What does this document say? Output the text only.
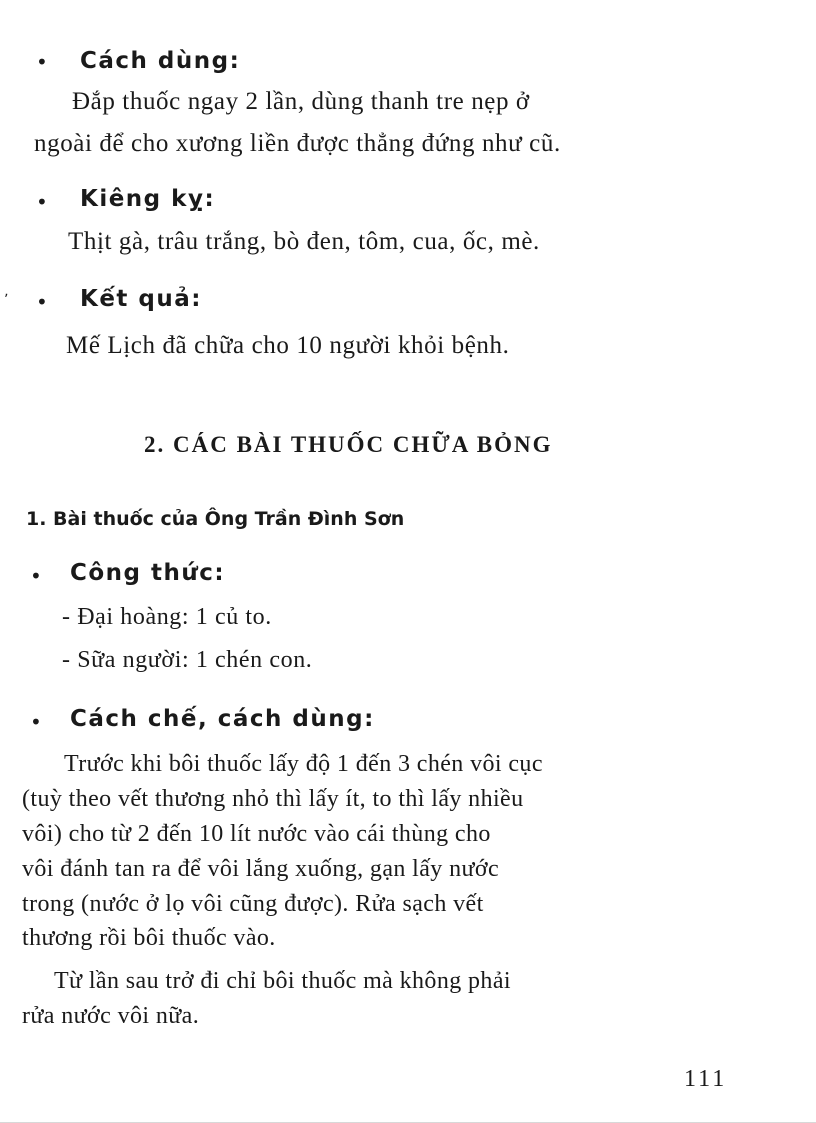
• Cách dùng:
Đắp thuốc ngay 2 lần, dùng thanh tre nẹp ở
ngoài để cho xương liền được thẳng đứng như cũ.
• Kiêng kỵ:
Thịt gà, trâu trắng, bò đen, tôm, cua, ốc, mè.
ʼ • Kết quả:
Mế Lịch đã chữa cho 10 người khỏi bệnh.
2. CÁC BÀI THUỐC CHỮA BỎNG
1. Bài thuốc của Ông Trần Đình Sơn
• Công thức:
- Đại hoàng: 1 củ to.
- Sữa người: 1 chén con.
• Cách chế, cách dùng:
Trước khi bôi thuốc lấy độ 1 đến 3 chén vôi cục
(tuỳ theo vết thương nhỏ thì lấy ít, to thì lấy nhiều
vôi) cho từ 2 đến 10 lít nước vào cái thùng cho
vôi đánh tan ra để vôi lắng xuống, gạn lấy nước
trong (nước ở lọ vôi cũng được). Rửa sạch vết
thương rồi bôi thuốc vào.
Từ lần sau trở đi chỉ bôi thuốc mà không phải
rửa nước vôi nữa.
111
